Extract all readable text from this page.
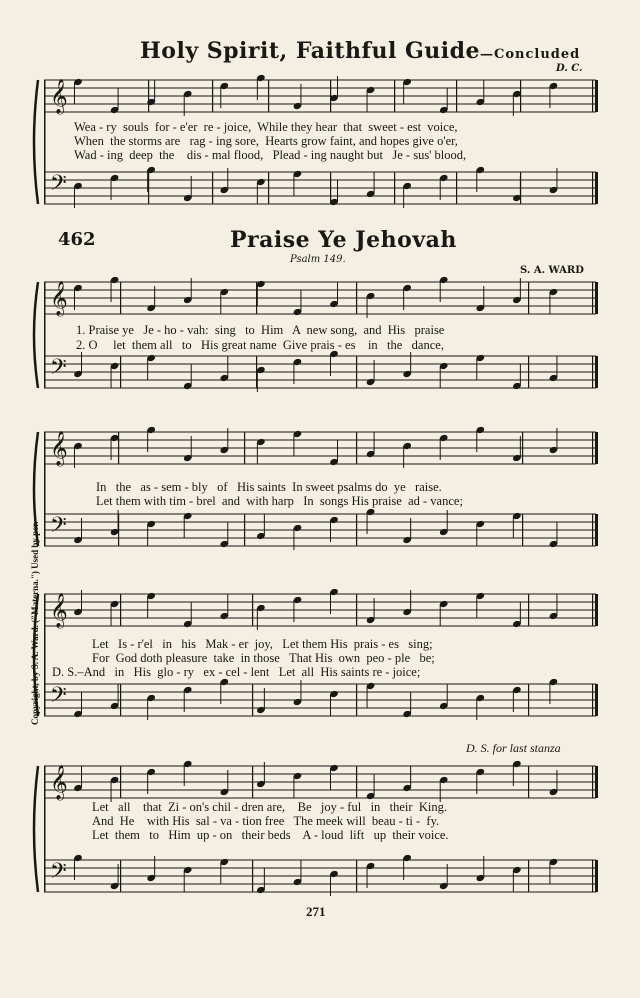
Holy Spirit, Faithful Guide—Concluded
D. C.
462	Praise Ye Jehovah
Psalm 149.
S. A. WARD
𝄞
𝄢
𝄞
𝄢
𝄞
𝄢
𝄞
𝄢
𝄞
𝄢
Wea - ry  souls  for - e'er  re - joice,  While they hear  that  sweet - est  voice,
When  the storms are   rag - ing sore,  Hearts grow faint, and hopes give o'er,
Wad - ing  deep  the    dis - mal flood,   Plead - ing naught but   Je - sus' blood,
1. Praise ye   Je - ho - vah:  sing   to  Him   A  new song,  and  His   praise
2. O     let  them all   to   His great name  Give prais - es    in   the   dance,
In   the   as - sem - bly   of   His saints  In sweet psalms do  ye   raise.
Let them with tim - brel  and  with harp   In  songs His praise  ad - vance;
Let   Is - r'el   in   his   Mak - er  joy,   Let them His  prais - es   sing;
For  God doth pleasure  take  in those   That His  own  peo - ple   be;
D. S.–And   in   His  glo - ry   ex - cel - lent   Let  all  His saints re - joice;
D. S. for last stanza
Let   all    that  Zi - on's chil - dren are,    Be   joy - ful   in   their  King.
And  He    with His  sal - va - tion free   The meek will  beau - ti -  fy.
Let  them   to   Him  up - on   their beds    A - loud  lift   up  their voice.
Copyright, by S. A. Ward. ("Materna.") Used by per.
271
